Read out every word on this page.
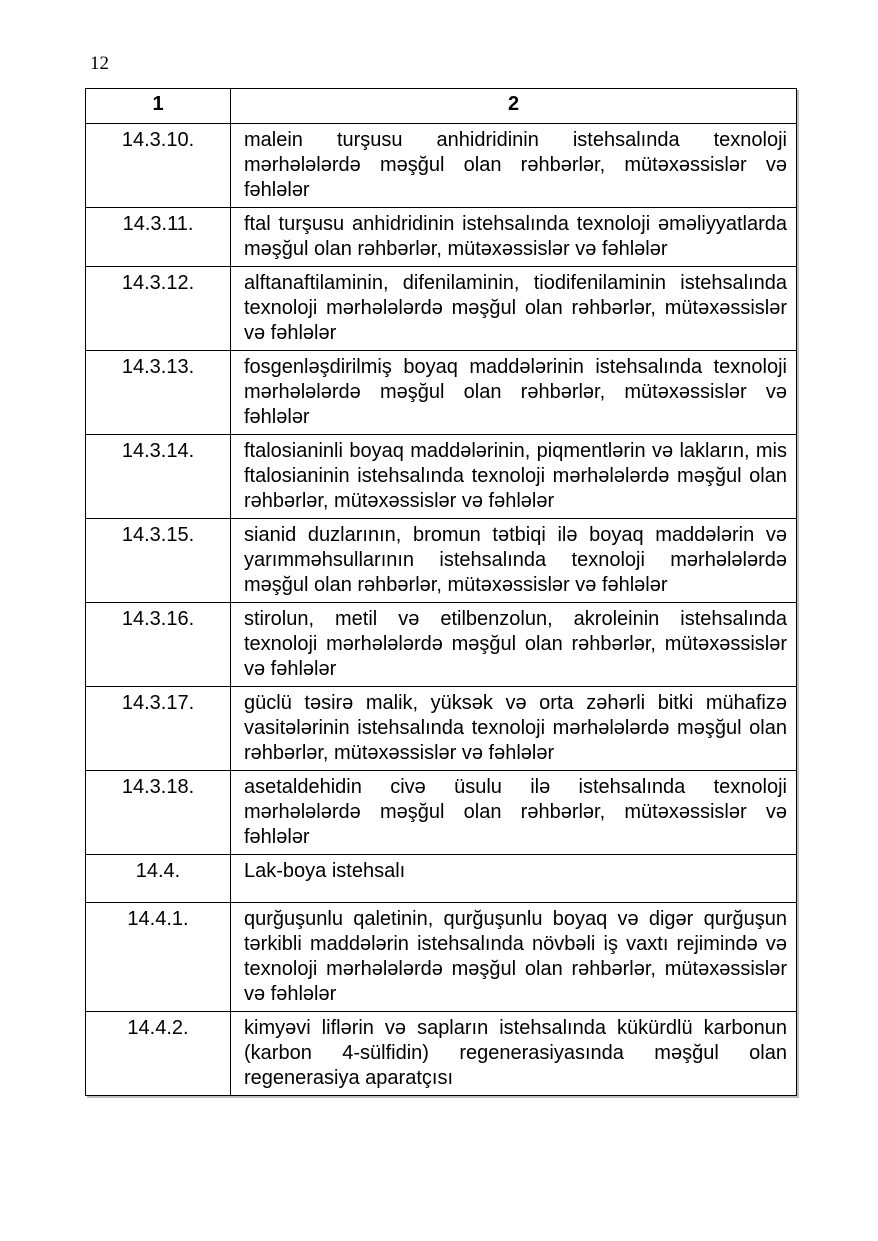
12
1	2
14.3.10.	malein turşusu anhidridinin istehsalında texnoloji mərhələlərdə məşğul olan rəhbərlər, mütəxəssislər və fəhlələr
14.3.11.	ftal turşusu anhidridinin istehsalında texnoloji əməliyyatlarda məşğul olan rəhbərlər, mütəxəssislər və fəhlələr
14.3.12.	alftanaftilaminin, difenilaminin, tiodifenilaminin istehsalında texnoloji mərhələlərdə məşğul olan rəhbərlər, mütəxəssislər və fəhlələr
14.3.13.	fosgenləşdirilmiş boyaq maddələrinin istehsalında texnoloji mərhələlərdə məşğul olan rəhbərlər, mütəxəssislər və fəhlələr
14.3.14.	ftalosianinli boyaq maddələrinin, piqmentlərin və lakların, mis ftalosianinin istehsalında texnoloji mərhələlərdə məşğul olan rəhbərlər, mütəxəssislər və fəhlələr
14.3.15.	sianid duzlarının, bromun tətbiqi ilə boyaq maddələrin və yarımməhsullarının istehsalında texnoloji mərhələlərdə məşğul olan rəhbərlər, mütəxəssislər və fəhlələr
14.3.16.	stirolun, metil və etilbenzolun, akroleinin istehsalında texnoloji mərhələlərdə məşğul olan rəhbərlər, mütəxəssislər və fəhlələr
14.3.17.	güclü təsirə malik, yüksək və orta zəhərli bitki mühafizə vasitələrinin istehsalında texnoloji mərhələlərdə məşğul olan rəhbərlər, mütəxəssislər və fəhlələr
14.3.18.	asetaldehidin civə üsulu ilə istehsalında texnoloji mərhələlərdə məşğul olan rəhbərlər, mütəxəssislər və fəhlələr
14.4.	Lak-boya istehsalı
14.4.1.	qurğuşunlu qaletinin, qurğuşunlu boyaq və digər qurğuşun tərkibli maddələrin istehsalında növbəli iş vaxtı rejimində və texnoloji mərhələlərdə məşğul olan rəhbərlər, mütəxəssislər və fəhlələr
14.4.2.	kimyəvi liflərin və sapların istehsalında kükürdlü karbonun (karbon 4-sülfidin) regenerasiyasında məşğul olan regenerasiya aparatçısı
